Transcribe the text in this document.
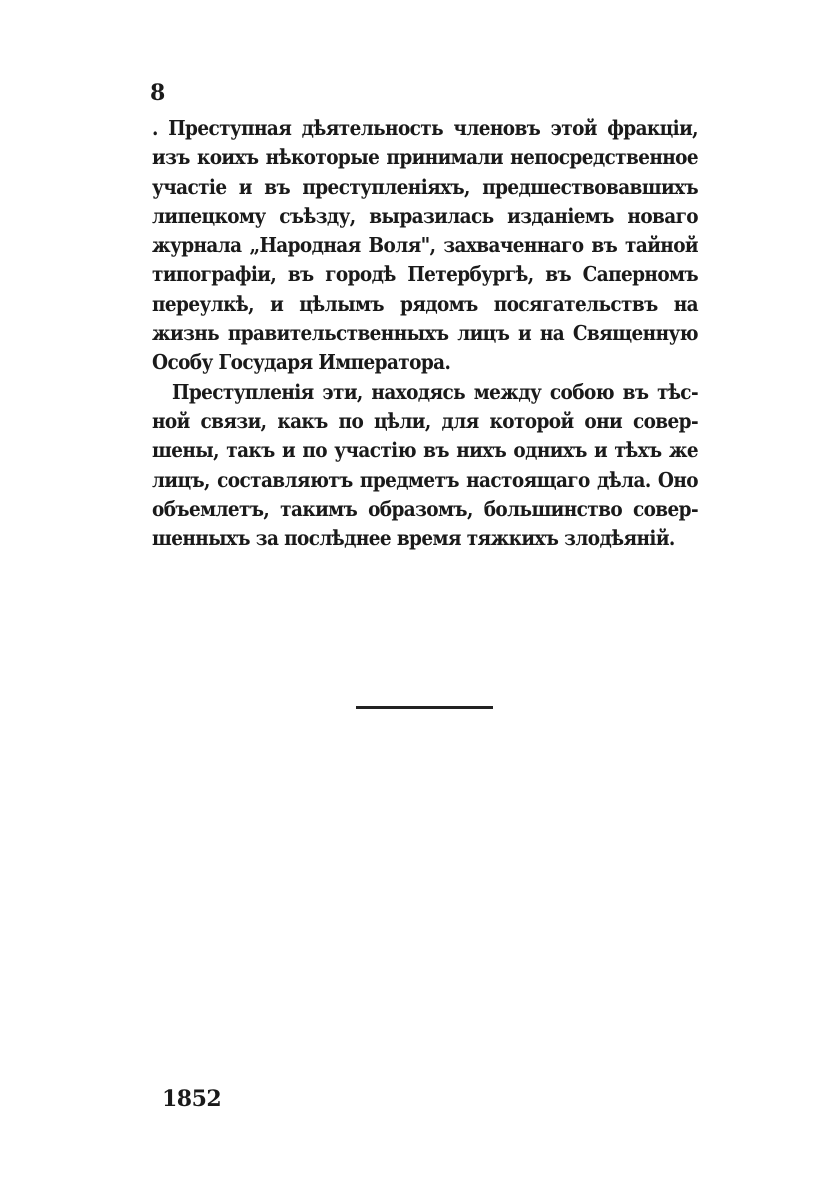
8
. Преступная дѣятельность членовъ этой фракціи,
изъ коихъ нѣкоторые принимали непосредственное
участіе и въ преступленіяхъ, предшествовавшихъ
липецкому съѣзду, выразилась изданіемъ новаго
журнала „Народная Воля", захваченнаго въ тайной
типографіи, въ городѣ Петербургѣ, въ Саперномъ
переулкѣ, и цѣлымъ рядомъ посягательствъ на
жизнь правительственныхъ лицъ и на Священную
Особу Государя Императора.
Преступленія эти, находясь между собою въ тѣс-
ной связи, какъ по цѣли, для которой они совер-
шены, такъ и по участію въ нихъ однихъ и тѣхъ же
лицъ, составляютъ предметъ настоящаго дѣла. Оно
объемлетъ, такимъ образомъ, большинство совер-
шенныхъ за послѣднее время тяжкихъ злодѣяній.
1852
